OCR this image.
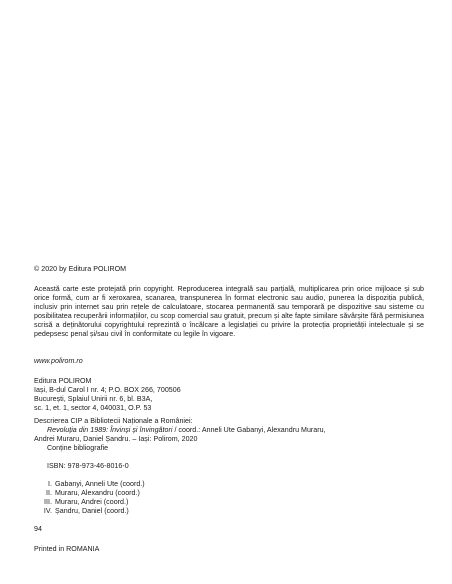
© 2020 by Editura POLIROM
Această carte este protejată prin copyright. Reproducerea integrală sau parțială, multiplicarea prin orice mijloace și sub orice formă, cum ar fi xeroxarea, scanarea, transpunerea în format electronic sau audio, punerea la dispoziția publică, inclusiv prin internet sau prin rețele de calculatoare, stocarea permanentă sau temporară pe dispozitive sau sisteme cu posibilitatea recuperării informațiilor, cu scop comercial sau gratuit, precum și alte fapte similare săvârșite fără permisiunea scrisă a deținătorului copyrightului reprezintă o încălcare a legislației cu privire la protecția proprietății intelectuale și se pedepsesc penal și/sau civil în conformitate cu legile în vigoare.
www.polirom.ro
Editura POLIROM
Iași, B-dul Carol I nr. 4; P.O. BOX 266, 700506
București, Splaiul Unirii nr. 6, bl. B3A,
sc. 1, et. 1, sector 4, 040031, O.P. 53
Descrierea CIP a Bibliotecii Naționale a României:
Revoluția din 1989: Învinși și învingători / coord.: Anneli Ute Gabanyi, Alexandru Muraru,
Andrei Muraru, Daniel Șandru. – Iași: Polirom, 2020
Conține bibliografie
ISBN: 978-973-46-8016-0
I. Gabanyi, Anneli Ute (coord.)
II. Muraru, Alexandru (coord.)
III. Muraru, Andrei (coord.)
IV. Șandru, Daniel (coord.)
94
Printed in ROMANIA
